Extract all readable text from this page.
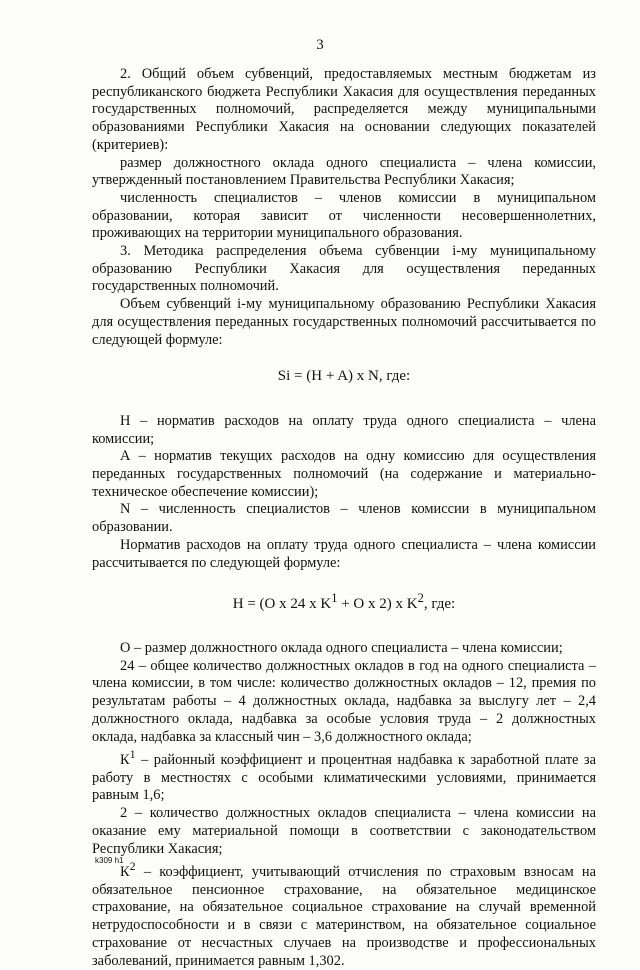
3

2. Общий объем субвенций, предоставляемых местным бюджетам из республиканского бюджета Республики Хакасия для осуществления переданных государственных полномочий, распределяется между муниципальными образованиями Республики Хакасия на основании следующих показателей (критериев):

размер должностного оклада одного специалиста – члена комиссии, утвержденный постановлением Правительства Республики Хакасия;

численность специалистов – членов комиссии в муниципальном образовании, которая зависит от численности несовершеннолетних, проживающих на территории муниципального образования.

3. Методика распределения объема субвенции i-му муниципальному образованию Республики Хакасия для осуществления переданных государственных полномочий.

Объем субвенций i-му муниципальному образованию Республики Хакасия для осуществления переданных государственных полномочий рассчитывается по следующей формуле:

Si = (H + A) x N, где:

Н – норматив расходов на оплату труда одного специалиста – члена комиссии;

А – норматив текущих расходов на одну комиссию для осуществления переданных государственных полномочий (на содержание и материально-техническое обеспечение комиссии);

N – численность специалистов – членов комиссии в муниципальном образовании.

Норматив расходов на оплату труда одного специалиста – члена комиссии рассчитывается по следующей формуле:

H = (O x 24 x $K^1 + O$ x 2) x $K^2$, где:

О – размер должностного оклада одного специалиста – члена комиссии;

24 – общее количество должностных окладов в год на одного специалиста – члена комиссии, в том числе: количество должностных окладов – 12, премия по результатам работы – 4 должностных оклада, надбавка за выслугу лет – 2,4 должностного оклада, надбавка за особые условия труда – 2 должностных оклада, надбавка за классный чин – 3,6 должностного оклада;

$К^1$ – районный коэффициент и процентная надбавка к заработной плате за работу в местностях с особыми климатическими условиями, принимается равным 1,6;

2 – количество должностных окладов специалиста – члена комиссии на оказание ему материальной помощи в соответствии с законодательством Республики Хакасия;

$К^2$ – коэффициент, учитывающий отчисления по страховым взносам на обязательное пенсионное страхование, на обязательное медицинское страхование, на обязательное социальное страхование на случай временной нетрудоспособности и в связи с материнством, на обязательное социальное страхование от несчастных случаев на производстве и профессиональных заболеваний, принимается равным 1,302.

k309 h1
